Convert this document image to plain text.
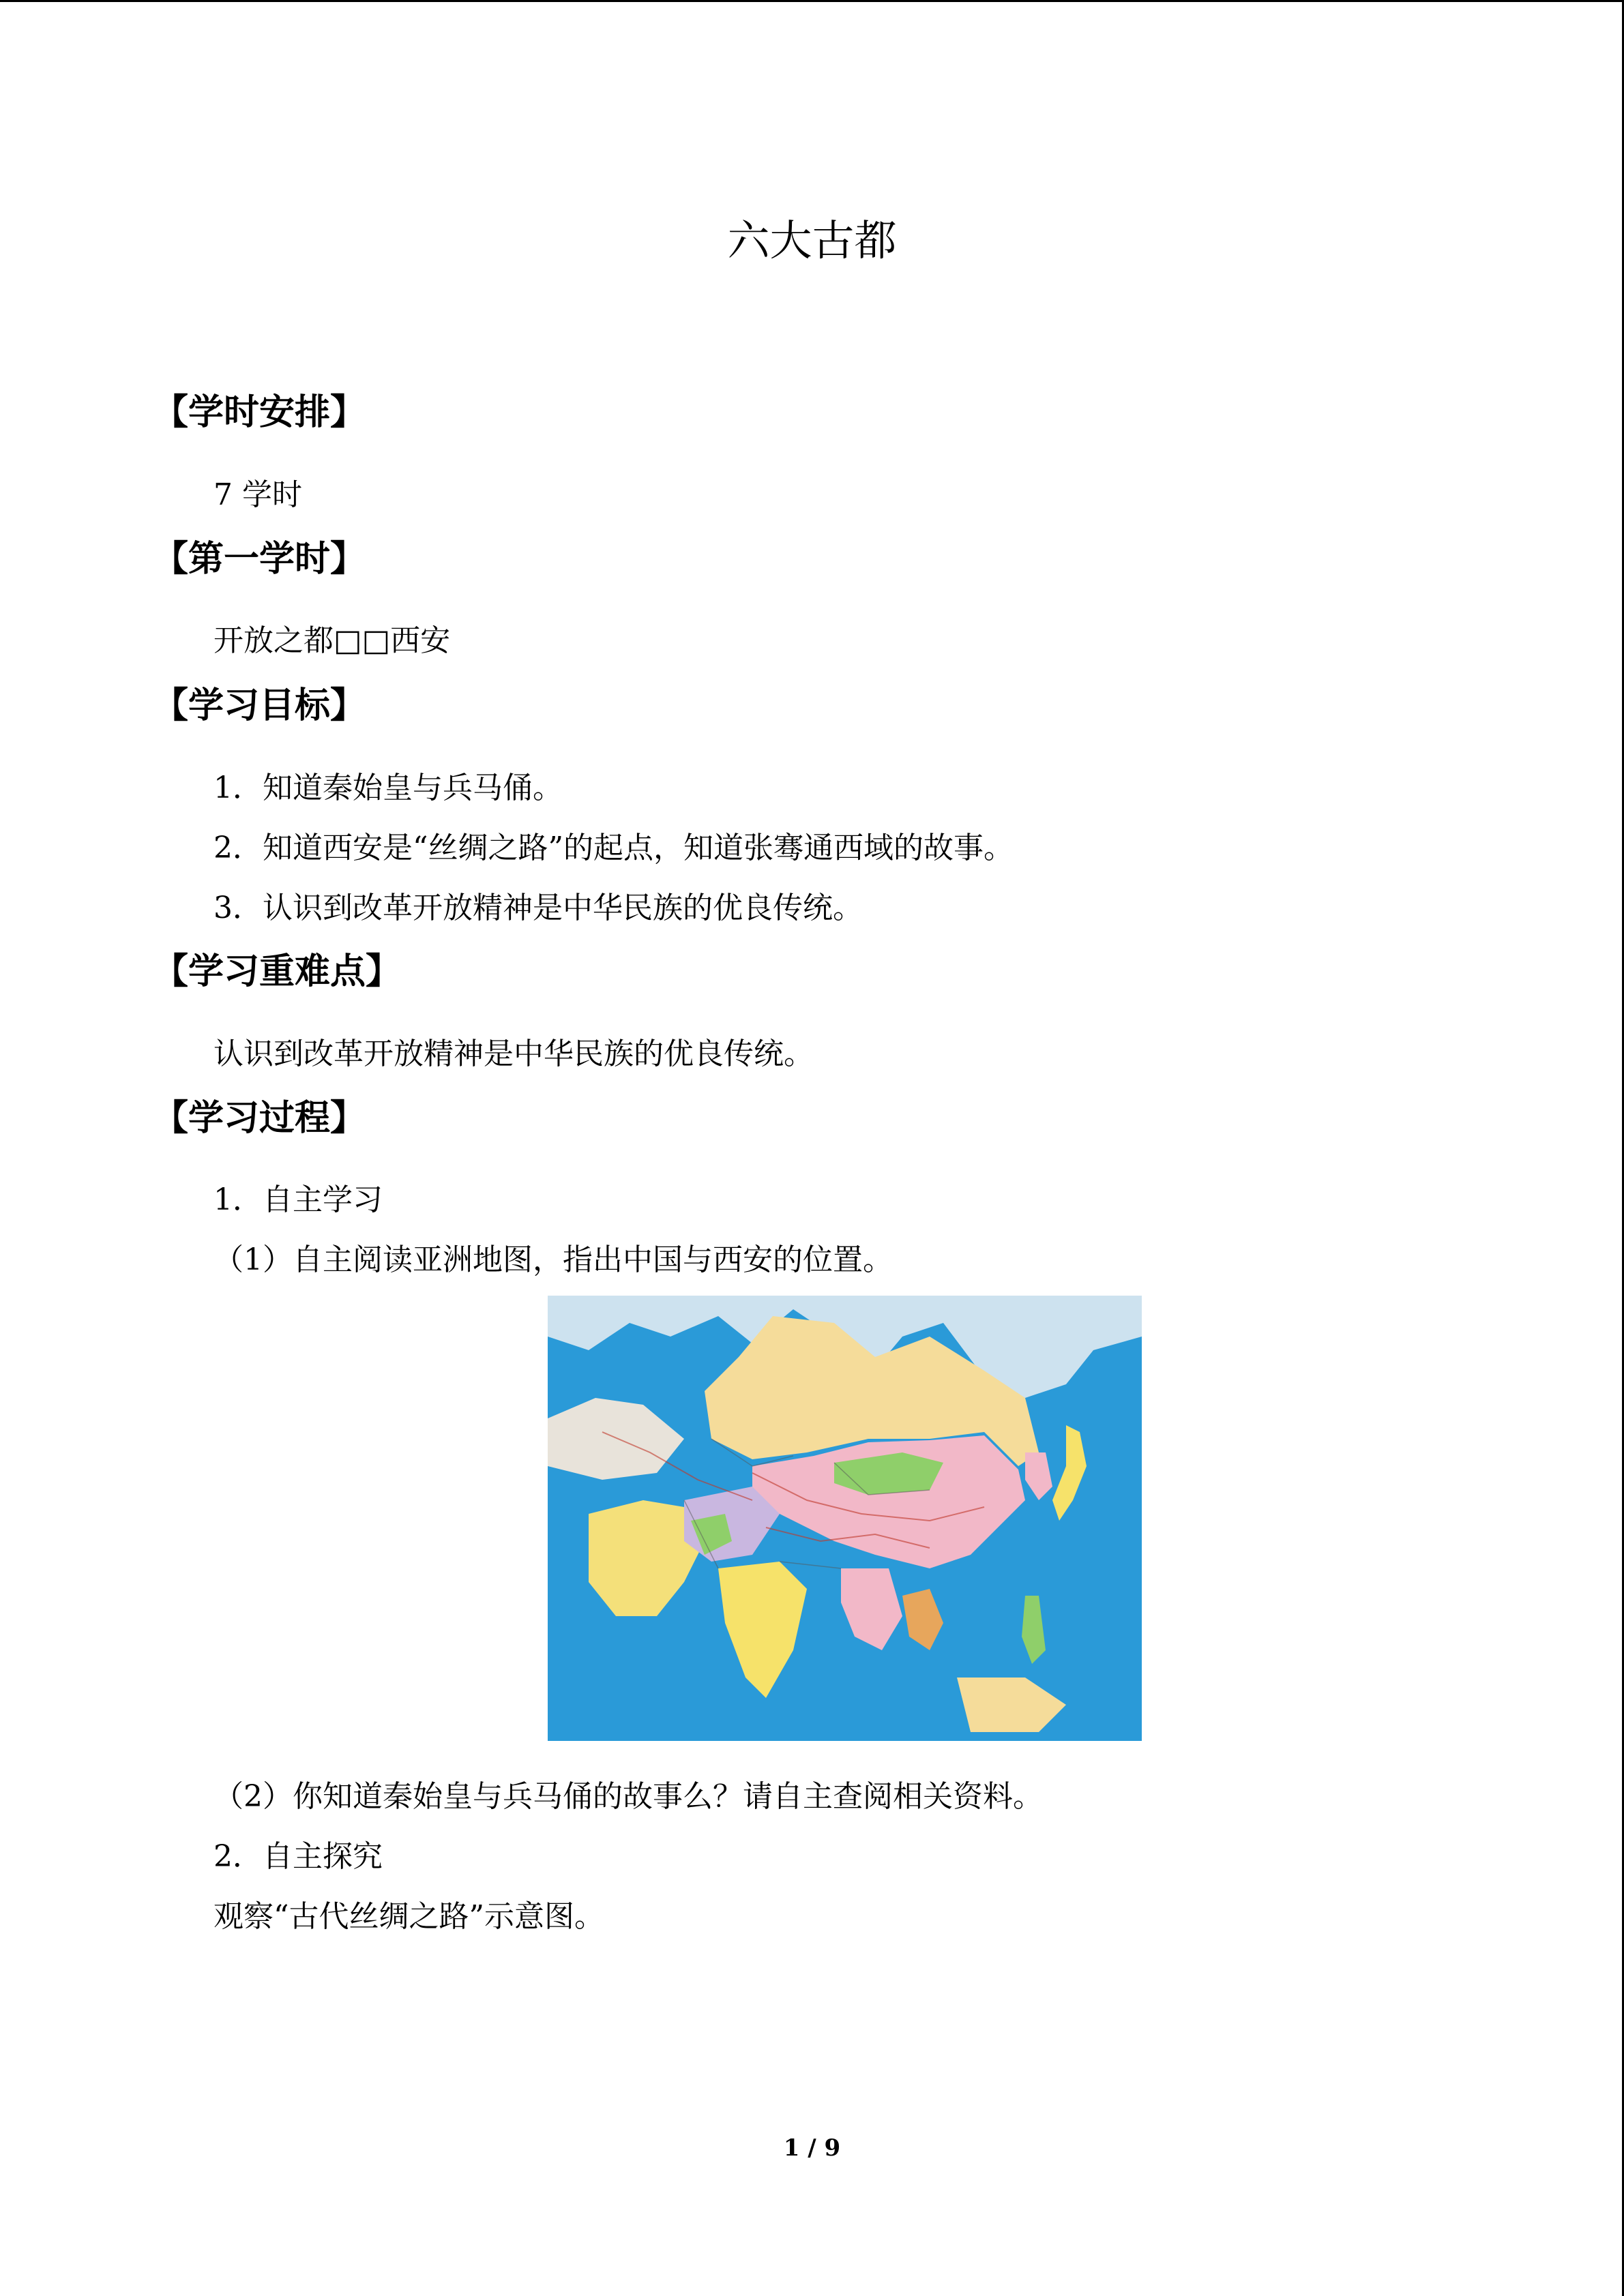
六大古都
【学时安排】
7 学时
【第一学时】
开放之都□□西安
【学习目标】
1．知道秦始皇与兵马俑。
2．知道西安是“丝绸之路”的起点，知道张骞通西域的故事。
3．认识到改革开放精神是中华民族的优良传统。
【学习重难点】
认识到改革开放精神是中华民族的优良传统。
【学习过程】
1．自主学习
（1）自主阅读亚洲地图，指出中国与西安的位置。
（2）你知道秦始皇与兵马俑的故事么？请自主查阅相关资料。
2．自主探究
观察“古代丝绸之路”示意图。
1 / 9
